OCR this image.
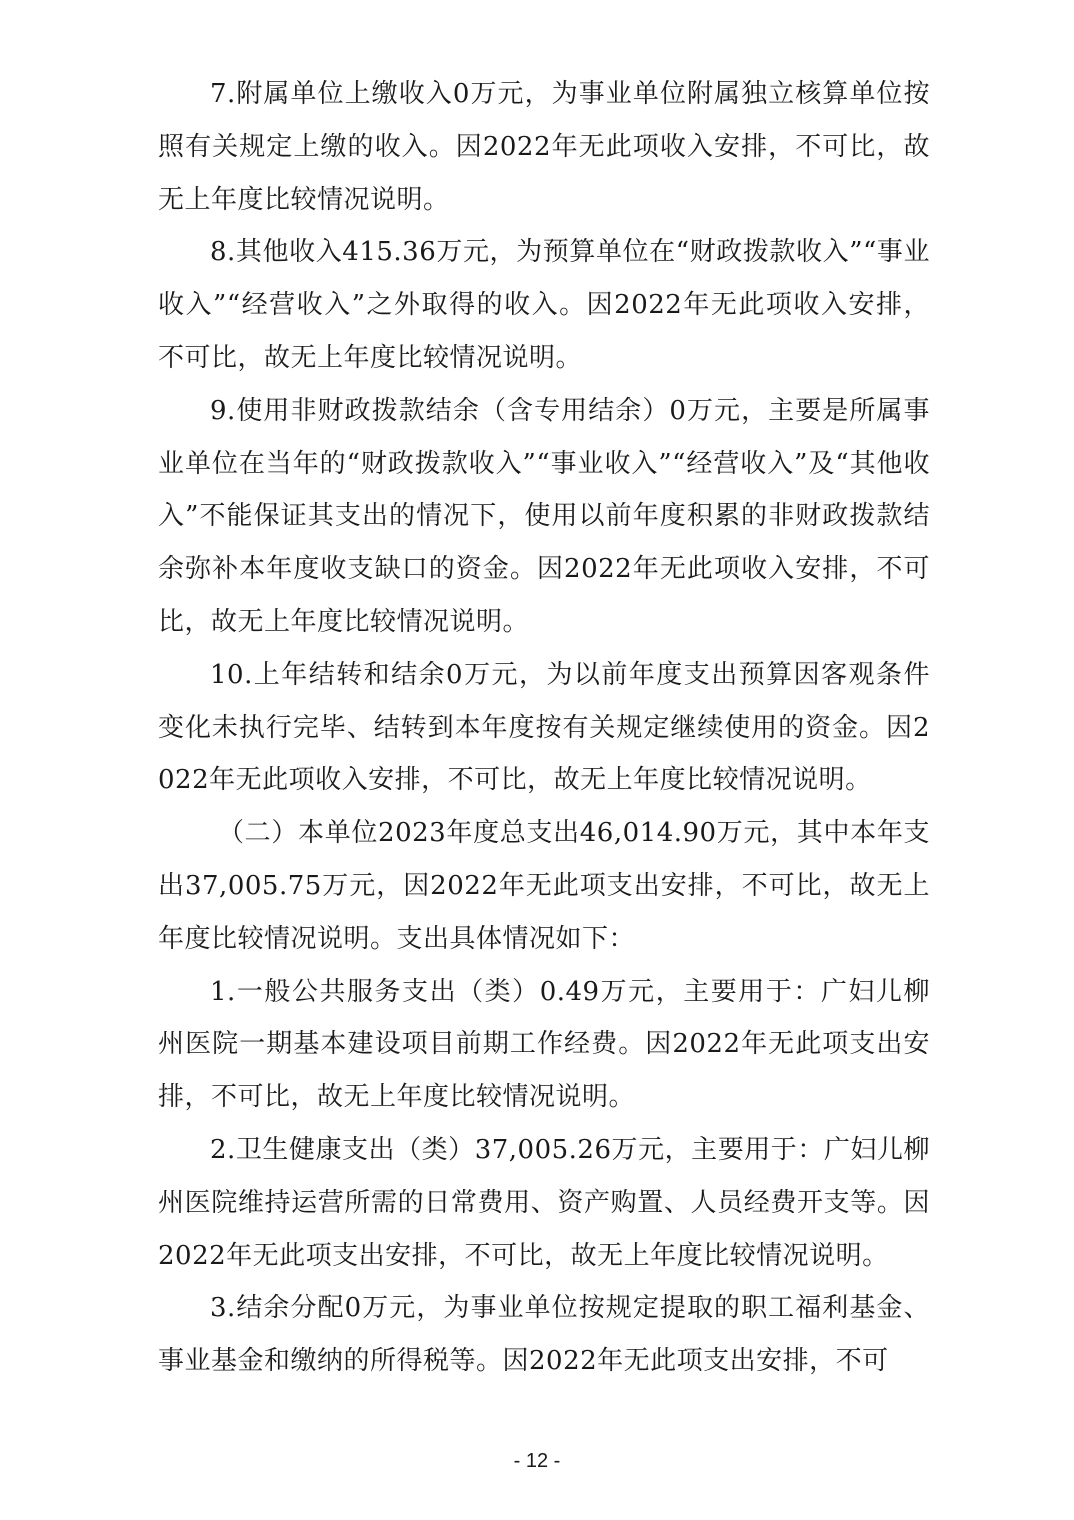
7.附属单位上缴收入0万元，为事业单位附属独立核算单位按照有关规定上缴的收入。因2022年无此项收入安排，不可比，故无上年度比较情况说明。

8.其他收入415.36万元，为预算单位在“财政拨款收入”“事业收入”“经营收入”之外取得的收入。因2022年无此项收入安排，不可比，故无上年度比较情况说明。

9.使用非财政拨款结余（含专用结余）0万元，主要是所属事业单位在当年的“财政拨款收入”“事业收入”“经营收入”及“其他收入”不能保证其支出的情况下，使用以前年度积累的非财政拨款结余弥补本年度收支缺口的资金。因2022年无此项收入安排，不可比，故无上年度比较情况说明。

10.上年结转和结余0万元，为以前年度支出预算因客观条件变化未执行完毕、结转到本年度按有关规定继续使用的资金。因2022年无此项收入安排，不可比，故无上年度比较情况说明。

（二）本单位2023年度总支出46,014.90万元，其中本年支出37,005.75万元，因2022年无此项支出安排，不可比，故无上年度比较情况说明。支出具体情况如下：

1.一般公共服务支出（类）0.49万元，主要用于：广妇儿柳州医院一期基本建设项目前期工作经费。因2022年无此项支出安排，不可比，故无上年度比较情况说明。

2.卫生健康支出（类）37,005.26万元，主要用于：广妇儿柳州医院维持运营所需的日常费用、资产购置、人员经费开支等。因2022年无此项支出安排，不可比，故无上年度比较情况说明。

3.结余分配0万元，为事业单位按规定提取的职工福利基金、事业基金和缴纳的所得税等。因2022年无此项支出安排，不可

- 12 -
